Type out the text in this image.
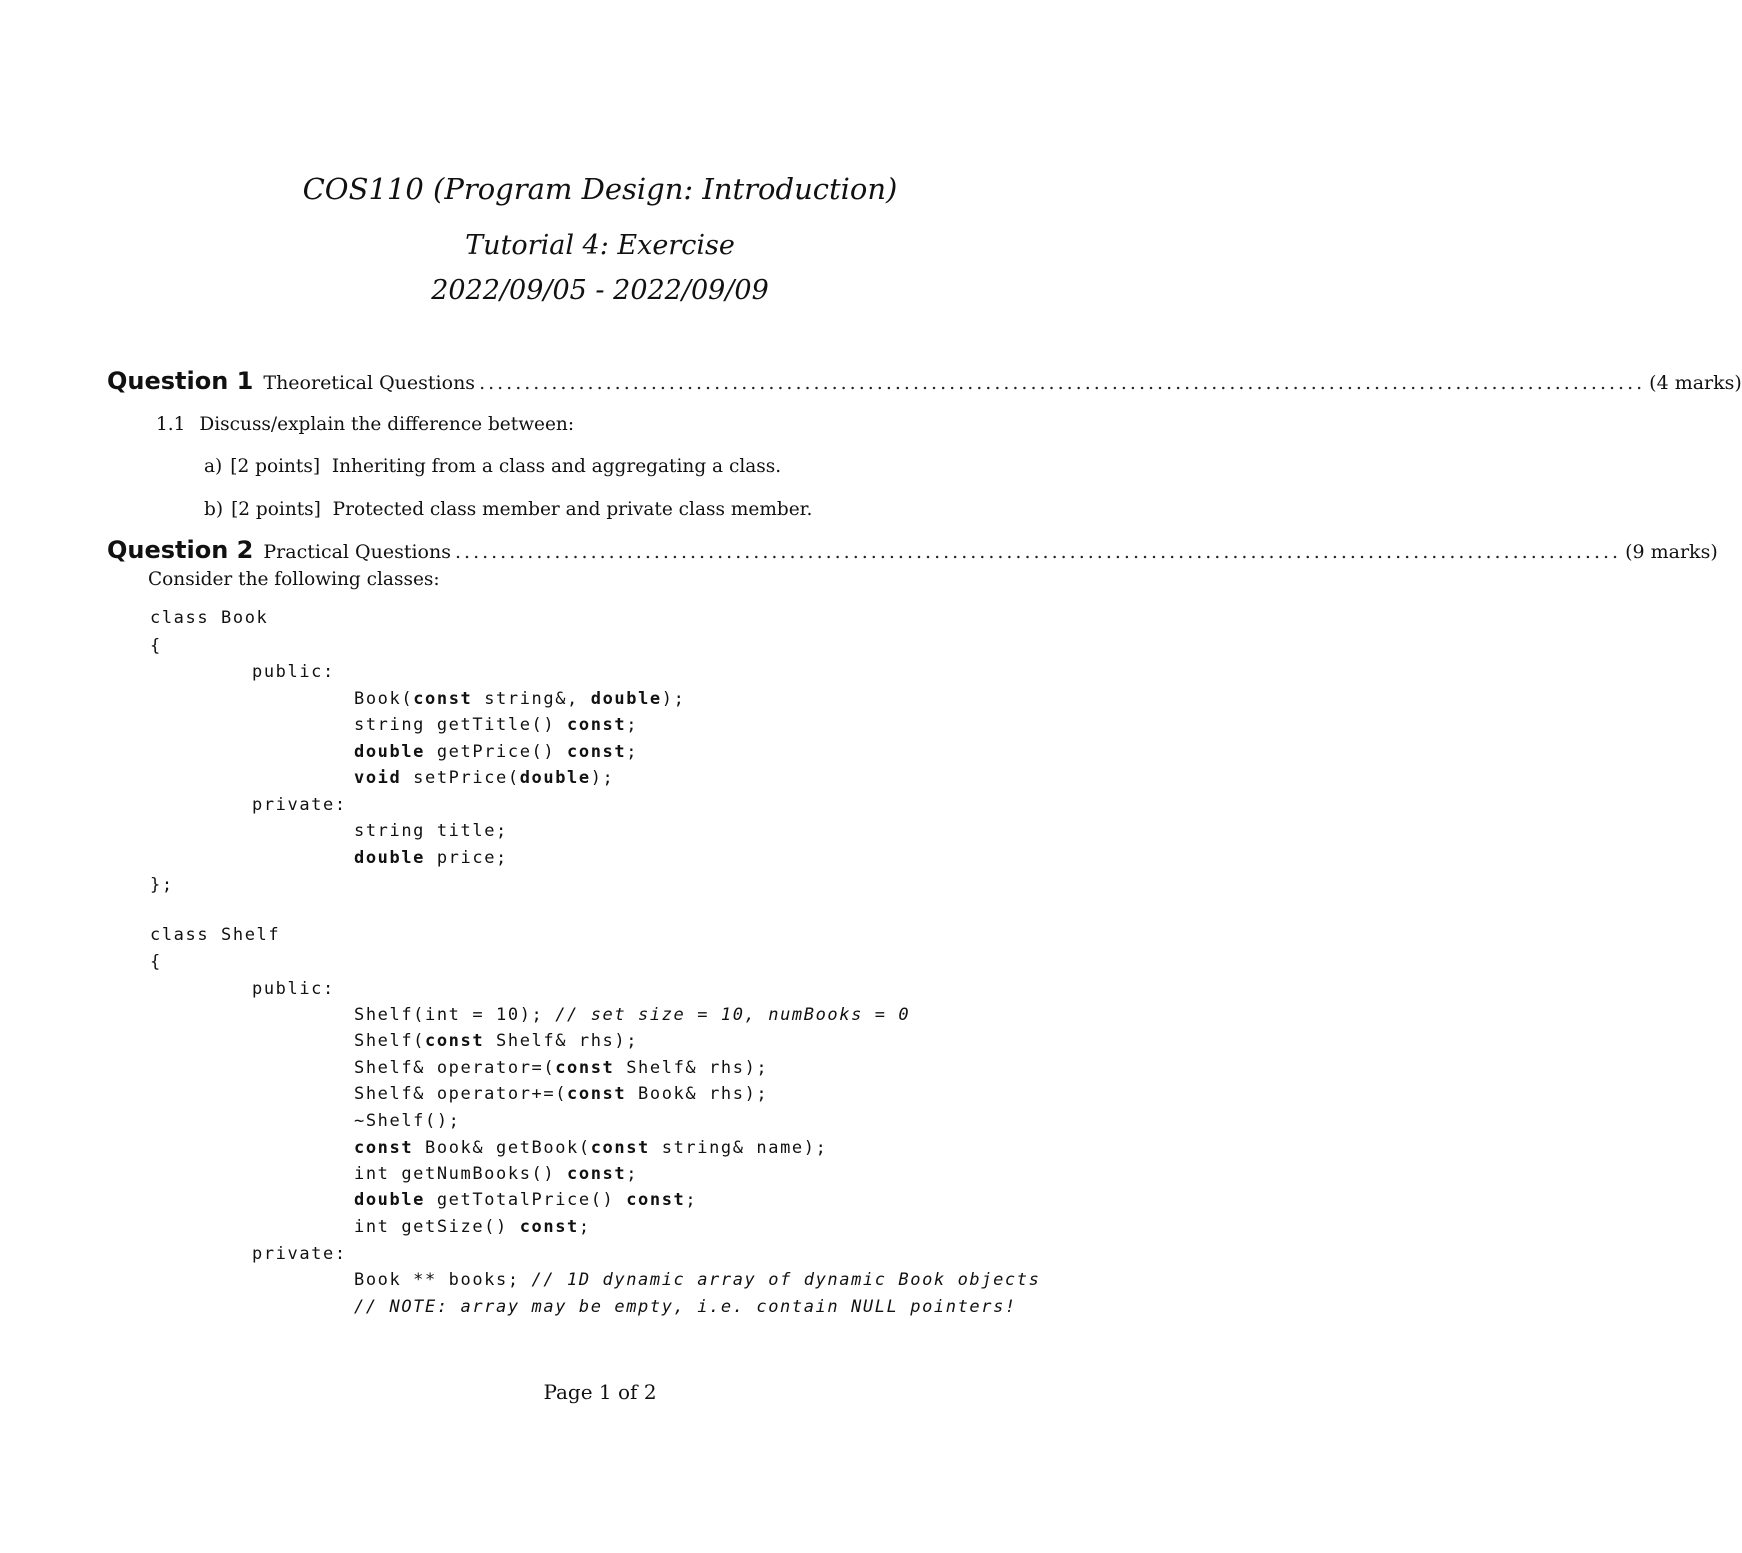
COS110 (Program Design: Introduction)
Tutorial 4: Exercise
2022/09/05 - 2022/09/09
Question 1 Theoretical Questions ................................................................................................................................. (4 marks)
1.1 Discuss/explain the difference between:
a) [2 points]  Inheriting from a class and aggregating a class.
b) [2 points]  Protected class member and private class member.
Question 2 Practical Questions ................................................................................................................................. (9 marks)
Consider the following classes:
class Book
{
public:
Book(const string&, double);
string getTitle() const;
double getPrice() const;
void setPrice(double);
private:
string title;
double price;
};
class Shelf
{
public:
Shelf(int = 10); // set size = 10, numBooks = 0
Shelf(const Shelf& rhs);
Shelf& operator=(const Shelf& rhs);
Shelf& operator+=(const Book& rhs);
~Shelf();
const Book& getBook(const string& name);
int getNumBooks() const;
double getTotalPrice() const;
int getSize() const;
private:
Book ** books; // 1D dynamic array of dynamic Book objects
// NOTE: array may be empty, i.e. contain NULL pointers!
Page 1 of 2
